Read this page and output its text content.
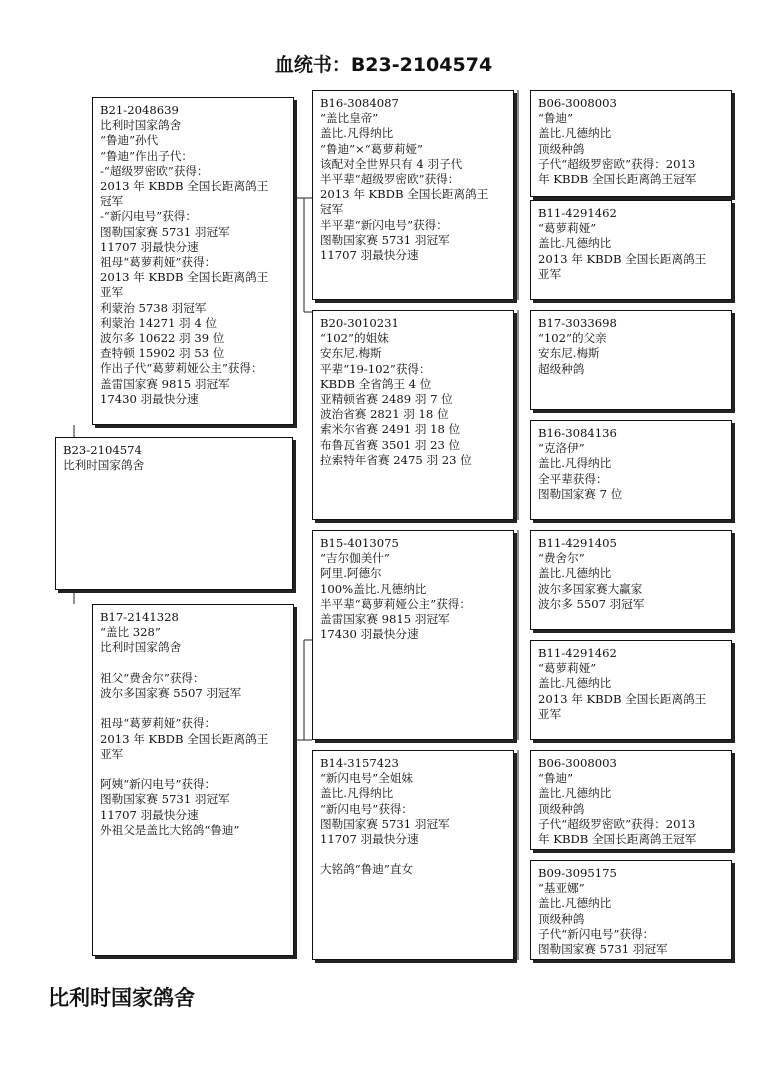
血统书：B23-2104574
B23-2104574
比利时国家鸽舍
B21-2048639
比利时国家鸽舍
“鲁迪”孙代
“鲁迪”作出子代：
-“超级罗密欧”获得：
2013 年 KBDB 全国长距离鸽王
冠军
-“新闪电号”获得：
图勒国家赛 5731 羽冠军
11707 羽最快分速
祖母“葛萝莉娅”获得：
2013 年 KBDB 全国长距离鸽王
亚军
利蒙治 5738 羽冠军
利蒙治 14271 羽 4 位
波尔多 10622 羽 39 位
查特顿 15902 羽 53 位
作出子代“葛萝莉娅公主”获得：
盖雷国家赛 9815 羽冠军
17430 羽最快分速
B17-2141328
“盖比 328”
比利时国家鸽舍
祖父“费舍尔”获得：
波尔多国家赛 5507 羽冠军
祖母“葛萝莉娅”获得：
2013 年 KBDB 全国长距离鸽王
亚军
阿姨“新闪电号”获得：
图勒国家赛 5731 羽冠军
11707 羽最快分速
外祖父是盖比大铭鸽“鲁迪”
B16-3084087
“盖比皇帝”
盖比.凡得纳比
“鲁迪”×“葛萝莉娅”
该配对全世界只有 4 羽子代
半平辈“超级罗密欧”获得：
2013 年 KBDB 全国长距离鸽王
冠军
半平辈“新闪电号”获得：
图勒国家赛 5731 羽冠军
11707 羽最快分速
B20-3010231
“102”的姐妹
安东尼.梅斯
平辈“19-102”获得：
KBDB 全省鸽王 4 位
亚精顿省赛 2489 羽 7 位
波治省赛 2821 羽 18 位
索米尔省赛 2491 羽 18 位
布鲁瓦省赛 3501 羽 23 位
拉索特年省赛 2475 羽 23 位
B15-4013075
“吉尔伽美什”
阿里.阿德尔
100%盖比.凡德纳比
半平辈“葛萝莉娅公主”获得：
盖雷国家赛 9815 羽冠军
17430 羽最快分速
B14-3157423
“新闪电号”全姐妹
盖比.凡得纳比
“新闪电号”获得：
图勒国家赛 5731 羽冠军
11707 羽最快分速
大铭鸽“鲁迪”直女
B06-3008003
“鲁迪”
盖比.凡德纳比
顶级种鸽
子代“超级罗密欧”获得：2013
年 KBDB 全国长距离鸽王冠军
B11-4291462
“葛萝莉娅”
盖比.凡德纳比
2013 年 KBDB 全国长距离鸽王
亚军
B17-3033698
“102”的父亲
安东尼.梅斯
超级种鸽
B16-3084136
“克洛伊”
盖比.凡得纳比
全平辈获得：
图勒国家赛 7 位
B11-4291405
“费舍尔”
盖比.凡德纳比
波尔多国家赛大赢家
波尔多 5507 羽冠军
B11-4291462
“葛萝莉娅”
盖比.凡德纳比
2013 年 KBDB 全国长距离鸽王
亚军
B06-3008003
“鲁迪”
盖比.凡德纳比
顶级种鸽
子代“超级罗密欧”获得：2013
年 KBDB 全国长距离鸽王冠军
B09-3095175
“基亚娜”
盖比.凡德纳比
顶级种鸽
子代“新闪电号”获得：
图勒国家赛 5731 羽冠军
比利时国家鸽舍
